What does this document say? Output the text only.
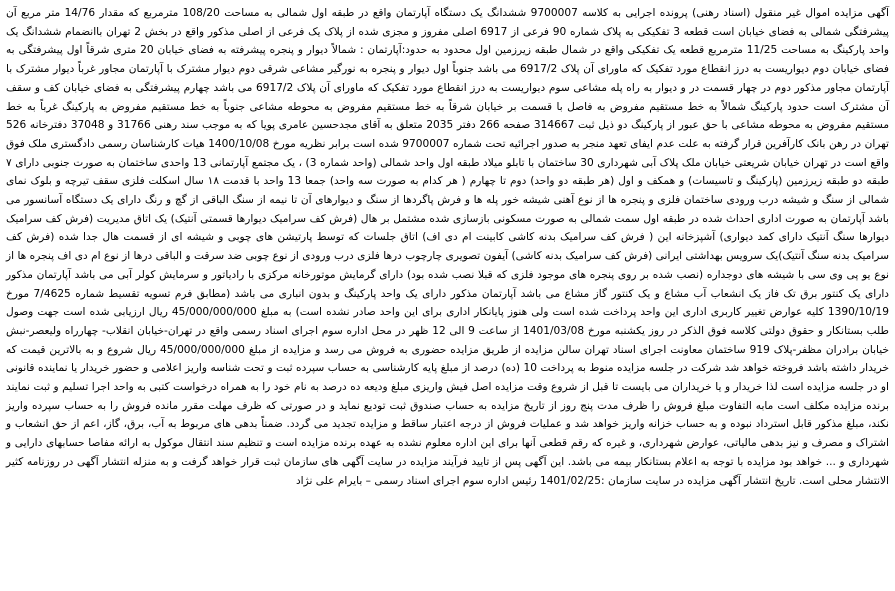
آگهی مزایده اموال غیر منقول (اسناد رهنی) پرونده اجرایی به کلاسه 9700007 ششدانگ یک دستگاه آپارتمان واقع در طبقه اول شمالی به مساحت 108/20 مترمربع که مقدار 14/76 متر مربع آن پیشرفتگی شمالی به فضای خیابان است قطعه 3 تفکیکی به پلاک شماره 90 فرعی از 6917 اصلی مفروز و مجزی شده از پلاک یک فرعی از اصلی مذکور واقع در بخش 2 تهران باانضمام ششدانگ یک واحد پارکینگ به مساحت 11/25 مترمربع قطعه یک تفکیکی واقع در شمال طبقه زیرزمین اول محدود به حدود:آپارتمان : شمالاً دیوار و پنجره پیشرفته به فضای خیابان 20 متری شرقاً اول پیشرفتگی به فضای خیابان دوم دیواریست به درز انقطاع مورد تفکیک که ماورای آن پلاک 6917/2 می باشد جنوباً اول دیوار و پنجره به نورگیر مشاعی شرقی دوم دیوار مشترک با آپارتمان مجاور غرباً دیوار مشترک با آپارتمان مجاور مذکور دوم در چهار قسمت در و دیوار به راه پله مشاعی سوم دیواریست به درز انقطاع مورد تفکیک که ماورای آن پلاک 6917/2 می باشد چهارم پیشرفتگی به فضای خیابان کف و سقف آن مشترک است حدود پارکینگ شمالاً به خط مستقیم مفروض به فاصل با قسمت بر خیابان شرقاً به خط مستقیم مفروض به محوطه مشاعی جنوباً به خط مستقیم مفروض به پارکینگ غرباً به خط مستقیم مفروض به محوطه مشاعی با حق عبور از پارکینگ دو ذیل ثبت 314667 صفحه 266 دفتر 2035 متعلق به آقای مجدحسین عامری پویا که به موجب سند رهنی 31766 و 37048 دفترخانه 526 تهران در رهن بانک کارآفرین قرار گرفته به علت عدم ایفای تعهد منجر به صدور اجرائیه تحت شماره 9700007 شده است برابر نظریه مورخ 1400/10/08 هیات کارشناسان رسمی دادگستری ملک فوق واقع است در تهران خیابان شریعتی خیابان ملک پلاک آبی شهرداری 30 ساختمان با تابلو میلاد طبقه اول واحد شمالی (واحد شماره 3) ، یک مجتمع آپارتمانی 13 واحدی ساختمان به صورت جنوبی دارای ۷ طبقه دو طبقه زیرزمین (پارکینگ و تاسیسات) و همکف و اول (هر طبقه دو واحد) دوم تا چهارم ( هر کدام به صورت سه واحد) جمعا 13 واحد با قدمت ۱۸ سال اسکلت فلزی سقف تیرچه و بلوک نمای شمالی از سنگ و شیشه درب ورودی ساختمان فلزی و پنجره ها از نوع آهنی شیشه خور پله ها و فرش پاگردها از سنگ و دیوارهای آن تا نیمه از سنگ الباقی از گچ و رنگ دارای یک دستگاه آسانسور می باشد آپارتمان به صورت اداری احداث شده در طبقه اول سمت شمالی به صورت مسکونی بازسازی شده مشتمل بر هال (فرش کف سرامیک دیوارها قسمتی آنتیک) یک اتاق مدیریت (فرش کف سرامیک دیوارها سنگ آنتیک دارای کمد دیواری) آشپزخانه این ( فرش کف سرامیک بدنه کاشی کابینت ام دی اف) اتاق جلسات که توسط پارتیشن های چوبی و شیشه ای از قسمت هال جدا شده (فرش کف سرامیک بدنه سنگ آنتیک)یک سرویس بهداشتی ایرانی (فرش کف سرامیک بدنه کاشی) آیفون تصویری چارچوب درها فلزی درب ورودی از نوع چوبی ضد سرقت و الباقی درها از نوع ام دی اف پنجره ها از نوع یو پی وی سی با شیشه های دوجداره (نصب شده بر روی پنجره های موجود فلزی که قبلا نصب شده بود) دارای گرمایش موتورخانه مرکزی با رادیاتور و سرمایش کولر آبی می باشد آپارتمان مذکور دارای یک کنتور برق تک فاز یک انشعاب آب مشاع و یک کنتور گاز مشاع می باشد آپارتمان مذکور دارای یک واحد پارکینگ و بدون انباری می باشد (مطابق فرم تسویه تقسیط شماره 7/4625 مورخ 1390/10/19 کلیه عوارض تغییر کاربری اداری این واحد پرداخت شده است ولی هنوز پایانکار اداری برای این واحد صادر نشده است) به مبلغ 45/000/000/000 ریال ارزیابی شده است جهت وصول طلب بستانکار و حقوق دولتی کلاسه فوق الذکر در روز یکشنبه مورخ 1401/03/08 از ساعت 9 الی 12 ظهر در محل اداره سوم اجرای اسناد رسمی واقع در تهران-خیابان انقلاب- چهارراه ولیعصر-نبش خیابان برادران مظفر-پلاک 919 ساختمان معاونت اجرای اسناد تهران سالن مزایده از طریق مزایده حضوری به فروش می رسد و مزایده از مبلغ 45/000/000/000 ریال شروع و به بالاترین قیمت که خریدار داشته باشد فروخته خواهد شد شرکت در جلسه مزایده منوط به پرداخت 10 (ده) درصد از مبلغ پایه کارشناسی به حساب سپرده ثبت و تحت شناسه واریز اعلامی و حضور خریدار یا نماینده قانونی او در جلسه مزایده است لذا خریدار و یا خریداران می بایست تا قبل از شروع وقت مزایده اصل فیش واریزی مبلغ ودیعه ده درصد به نام خود را به همراه درخواست کتبی به واحد اجرا تسلیم و ثبت نمایند برنده مزایده مکلف است مابه التفاوت مبلغ فروش را ظرف مدت پنج روز از تاریخ مزایده به حساب صندوق ثبت تودیع نماید و در صورتی که ظرف مهلت مقرر مانده فروش را به حساب سپرده واریز نکند، مبلغ مذکور قابل استرداد نبوده و به حساب خزانه واریز خواهد شد و عملیات فروش از درجه اعتبار ساقط و مزایده تجدید می گردد. ضمناً بدهی های مربوط به آب، برق، گاز، اعم از حق انشعاب و اشتراک و مصرف و نیز بدهی مالیاتی، عوارض شهرداری، و غیره که رقم قطعی آنها برای این اداره معلوم نشده به عهده برنده مزایده است و تنظیم سند انتقال موکول به ارائه مفاصا حسابهای دارایی و شهرداری و ... خواهد بود مزایده با توجه به اعلام بستانکار بیمه می باشد. این آگهی پس از تایید فرآیند مزایده در سایت آگهی های سازمان ثبت قرار خواهد گرفت و به منزله انتشار آگهی در روزنامه کثیر الانتشار محلی است. تاریخ انتشار آگهی مزایده در سایت سازمان :1401/02/25 رئیس اداره سوم اجرای اسناد رسمی – بایرام علی نژاد
